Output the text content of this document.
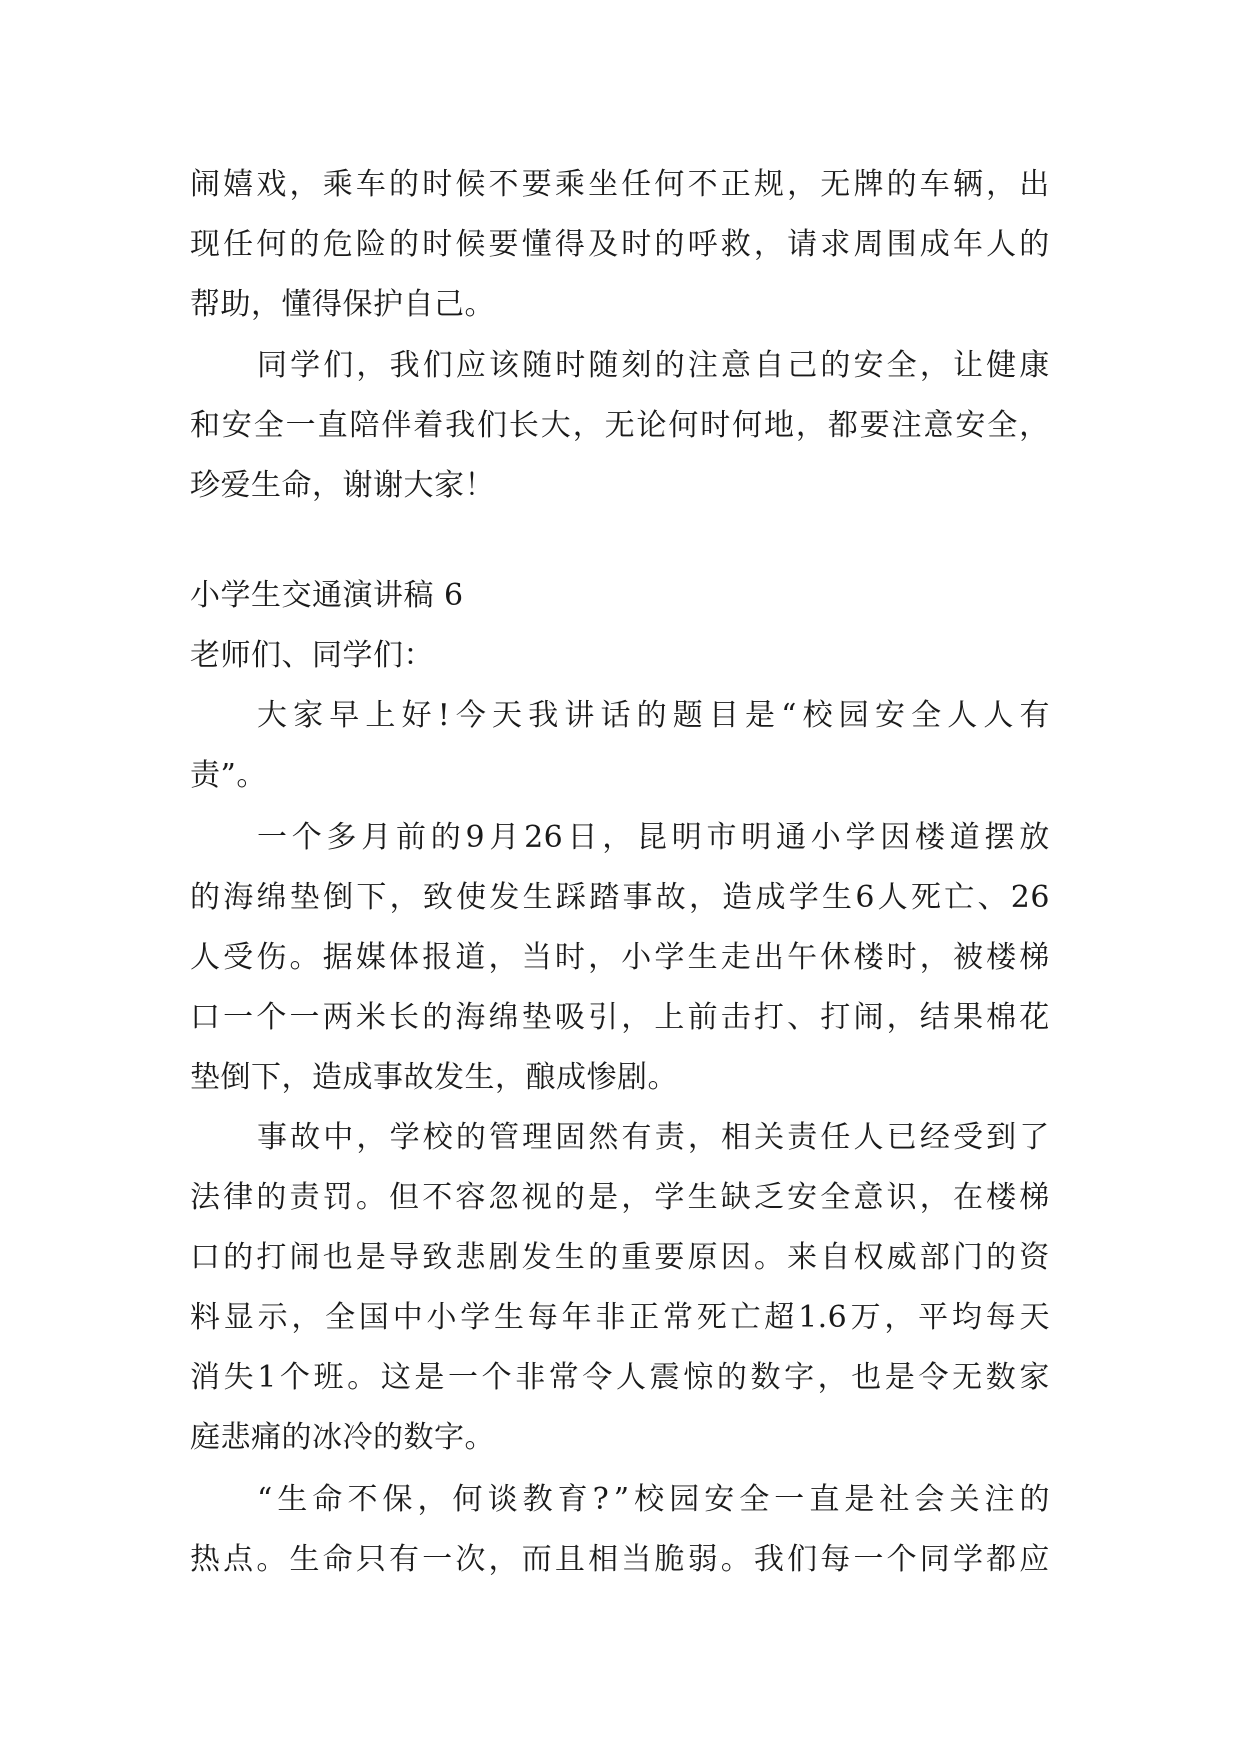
闹 嬉 戏 ， 乘 车 的 时 候 不 要 乘 坐 任 何 不 正 规 ， 无 牌 的 车 辆 ， 出
现 任 何 的 危 险 的 时 候 要 懂 得 及 时 的 呼 救 ， 请 求 周 围 成 年 人 的
帮助，懂得保护自己。
同 学 们 ， 我 们 应 该 随 时 随 刻 的 注 意 自 己 的 安 全 ， 让 健 康
和 安 全 一 直 陪 伴 着 我 们 长 大 ， 无 论 何 时 何 地 ， 都 要 注 意 安 全 ，
珍爱生命，谢谢大家！
小学生交通演讲稿 6
老师们、同学们：
大 家 早 上 好 ! 今 天 我 讲 话 的 题 目 是 “ 校 园 安 全 人 人 有
责”。
一 个 多 月 前 的 9 月 26 日 ， 昆 明 市 明 通 小 学 因 楼 道 摆 放
的 海 绵 垫 倒 下 ， 致 使 发 生 踩 踏 事 故 ， 造 成 学 生 6 人 死 亡 、 26
人 受 伤 。 据 媒 体 报 道 ， 当 时 ， 小 学 生 走 出 午 休 楼 时 ， 被 楼 梯
口 一 个 一 两 米 长 的 海 绵 垫 吸 引 ， 上 前 击 打 、 打 闹 ， 结 果 棉 花
垫倒下，造成事故发生，酿成惨剧。
事 故 中 ， 学 校 的 管 理 固 然 有 责 ， 相 关 责 任 人 已 经 受 到 了
法 律 的 责 罚 。 但 不 容 忽 视 的 是 ， 学 生 缺 乏 安 全 意 识 ， 在 楼 梯
口 的 打 闹 也 是 导 致 悲 剧 发 生 的 重 要 原 因 。 来 自 权 威 部 门 的 资
料 显 示 ， 全 国 中 小 学 生 每 年 非 正 常 死 亡 超 1.6 万 ， 平 均 每 天
消 失 1 个 班 。 这 是 一 个 非 常 令 人 震 惊 的 数 字 ， 也 是 令 无 数 家
庭悲痛的冰冷的数字。
“ 生 命 不 保 ， 何 谈 教 育 ? ” 校 园 安 全 一 直 是 社 会 关 注 的
热 点 。 生 命 只 有 一 次 ， 而 且 相 当 脆 弱 。 我 们 每 一 个 同 学 都 应
